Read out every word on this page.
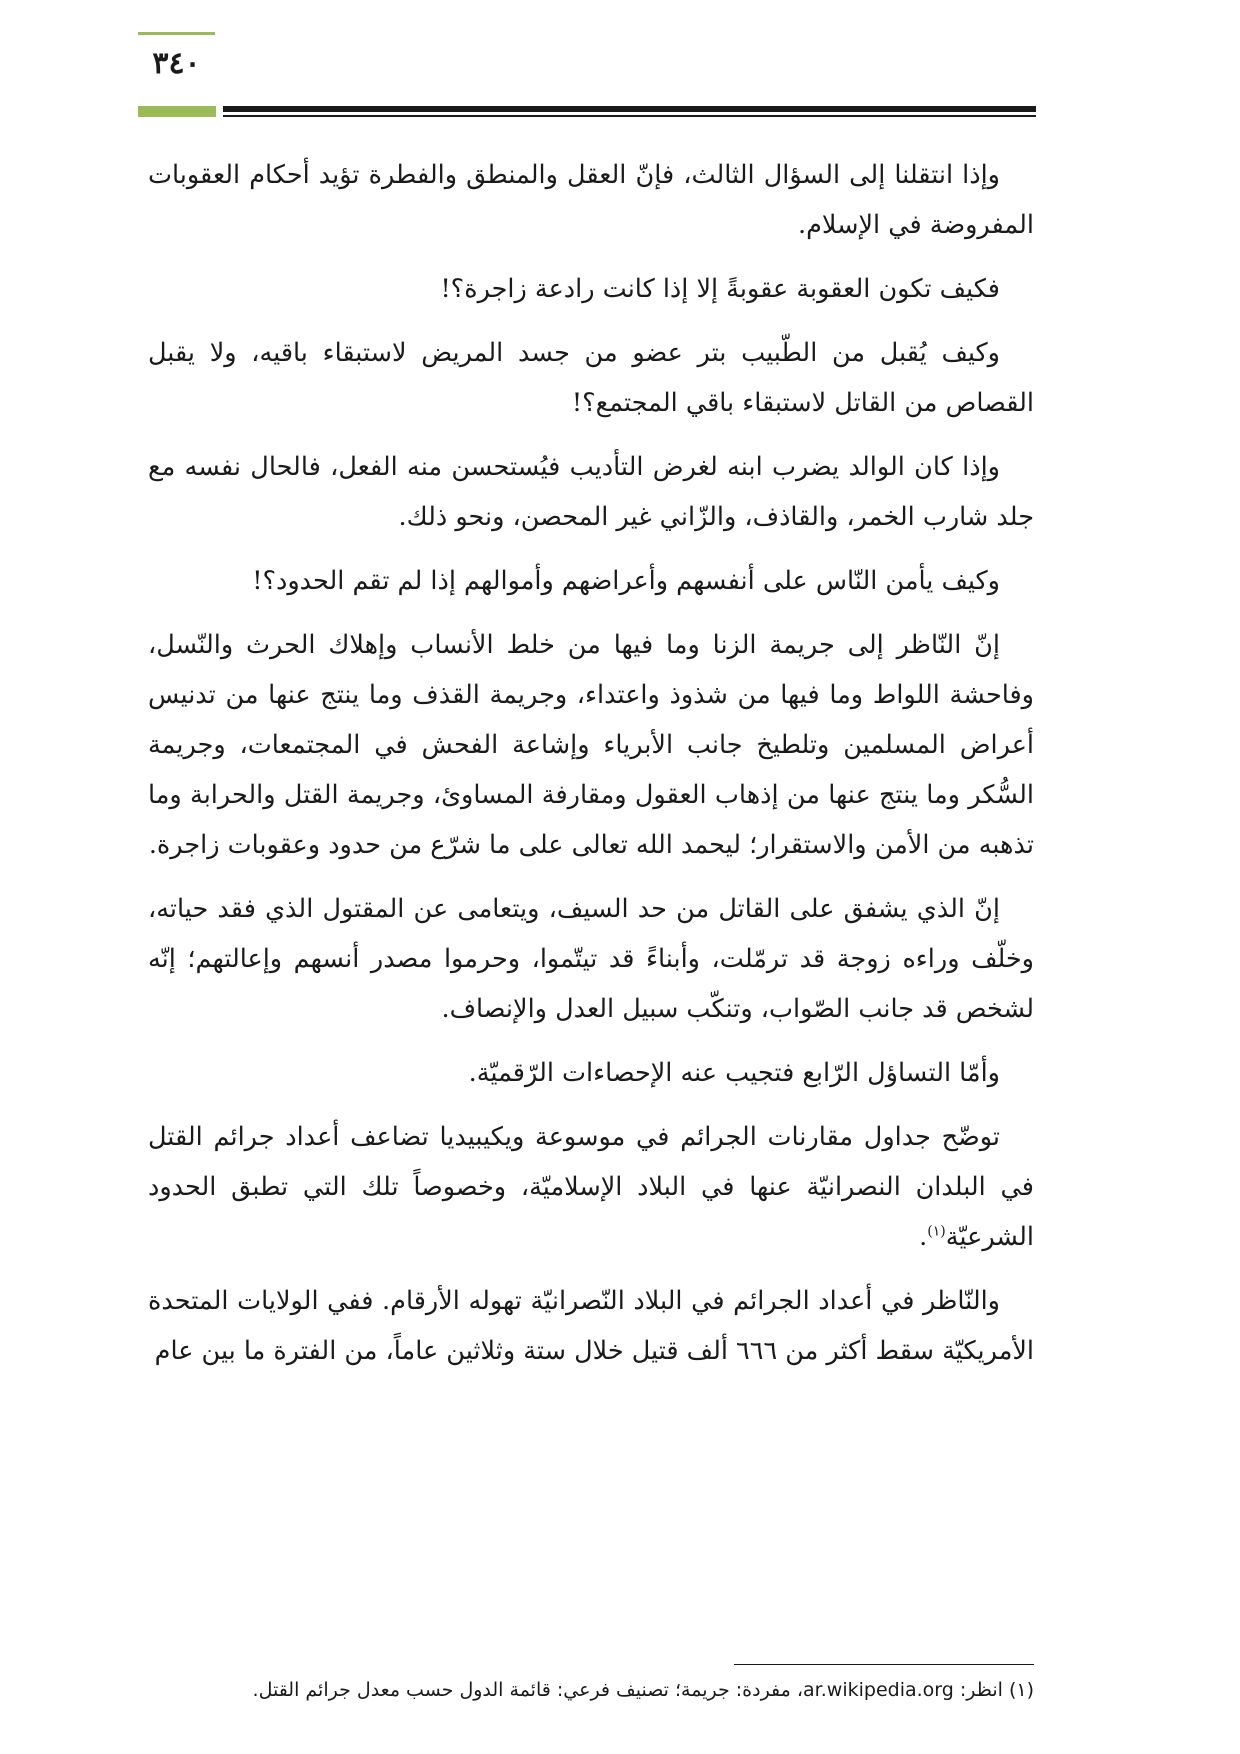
٣٤٠

وإذا انتقلنا إلى السؤال الثالث، فإنّ العقل والمنطق والفطرة تؤيد أحكام العقوبات المفروضة في الإسلام.

فكيف تكون العقوبة عقوبةً إلا إذا كانت رادعة زاجرة؟!

وكيف يُقبل من الطّبيب بتر عضو من جسد المريض لاستبقاء باقيه، ولا يقبل القصاص من القاتل لاستبقاء باقي المجتمع؟!

وإذا كان الوالد يضرب ابنه لغرض التأديب فيُستحسن منه الفعل، فالحال نفسه مع جلد شارب الخمر، والقاذف، والزّاني غير المحصن، ونحو ذلك.

وكيف يأمن النّاس على أنفسهم وأعراضهم وأموالهم إذا لم تقم الحدود؟!

إنّ النّاظر إلى جريمة الزنا وما فيها من خلط الأنساب وإهلاك الحرث والنّسل، وفاحشة اللواط وما فيها من شذوذ واعتداء، وجريمة القذف وما ينتج عنها من تدنيس أعراض المسلمين وتلطيخ جانب الأبرياء وإشاعة الفحش في المجتمعات، وجريمة السُّكر وما ينتج عنها من إذهاب العقول ومقارفة المساوئ، وجريمة القتل والحرابة وما تذهبه من الأمن والاستقرار؛ ليحمد الله تعالى على ما شرّع من حدود وعقوبات زاجرة.

إنّ الذي يشفق على القاتل من حد السيف، ويتعامى عن المقتول الذي فقد حياته، وخلّف وراءه زوجة قد ترمّلت، وأبناءً قد تيتّموا، وحرموا مصدر أنسهم وإعالتهم؛ إنّه لشخص قد جانب الصّواب، وتنكّب سبيل العدل والإنصاف.

وأمّا التساؤل الرّابع فتجيب عنه الإحصاءات الرّقميّة.

توضّح جداول مقارنات الجرائم في موسوعة ويكيبيديا تضاعف أعداد جرائم القتل في البلدان النصرانيّة عنها في البلاد الإسلاميّة، وخصوصاً تلك التي تطبق الحدود الشرعيّة$^{(١)}$.

والنّاظر في أعداد الجرائم في البلاد النّصرانيّة تهوله الأرقام. ففي الولايات المتحدة الأمريكيّة سقط أكثر من ٦٦٦ ألف قتيل خلال ستة وثلاثين عاماً، من الفترة ما بين عام

(١) انظر: ar.wikipedia.org، مفردة: جريمة؛ تصنيف فرعي: قائمة الدول حسب معدل جرائم القتل.
